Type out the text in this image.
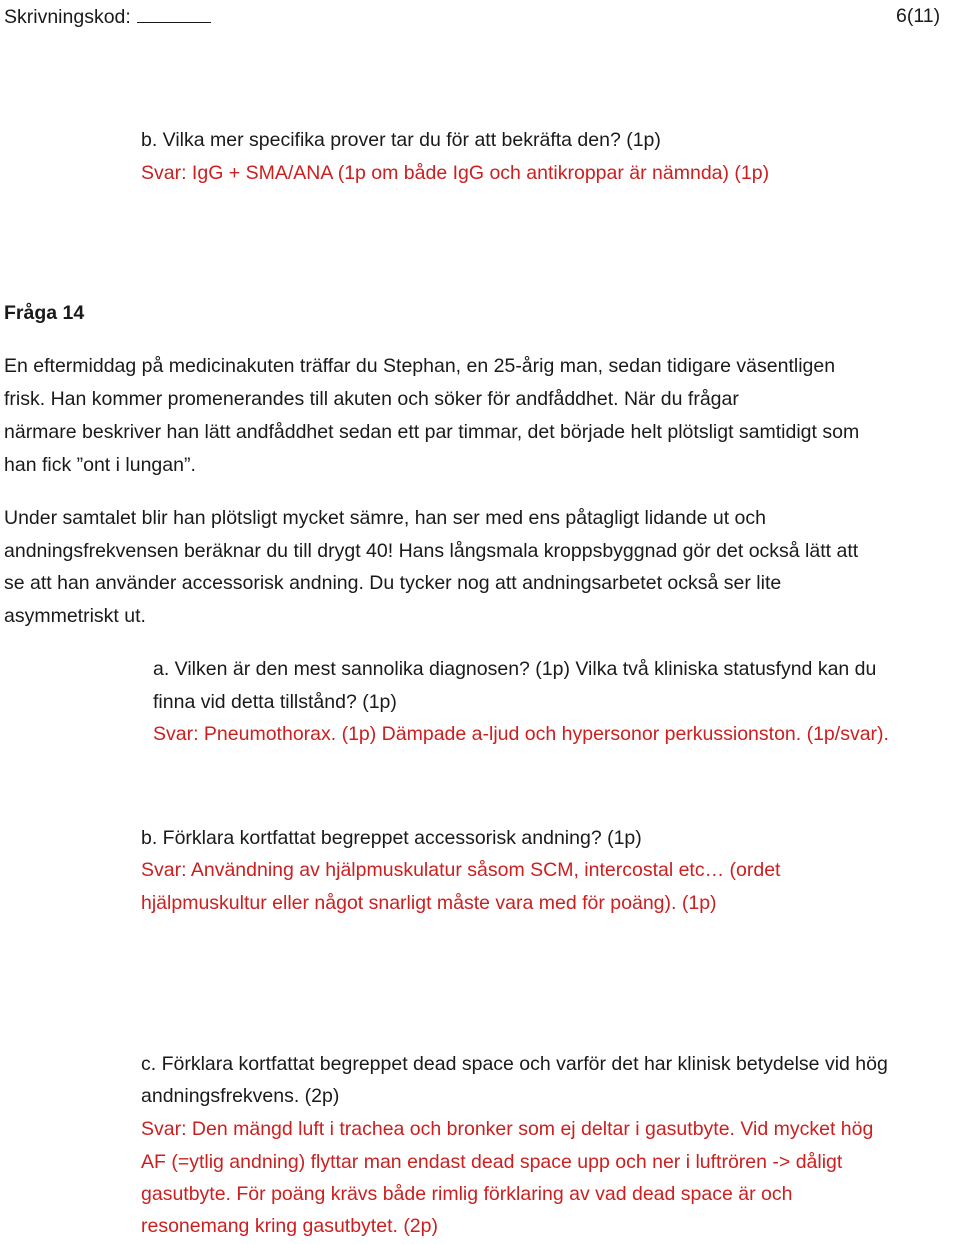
Skrivningskod:	6(11)
b. Vilka mer specifika prover tar du för att bekräfta den? (1p)
Svar: IgG + SMA/ANA (1p om både IgG och antikroppar är nämnda) (1p)
Fråga 14
En eftermiddag på medicinakuten träffar du Stephan, en 25-årig man, sedan tidigare väsentligen
frisk. Han kommer promenerandes till akuten och söker för andfåddhet. När du frågar
närmare beskriver han lätt andfåddhet sedan ett par timmar, det började helt plötsligt samtidigt som
han fick ”ont i lungan”.
Under samtalet blir han plötsligt mycket sämre, han ser med ens påtagligt lidande ut och
andningsfrekvensen beräknar du till drygt 40! Hans långsmala kroppsbyggnad gör det också lätt att
se att han använder accessorisk andning. Du tycker nog att andningsarbetet också ser lite
asymmetriskt ut.
a. Vilken är den mest sannolika diagnosen? (1p) Vilka två kliniska statusfynd kan du
finna vid detta tillstånd? (1p)
Svar: Pneumothorax. (1p) Dämpade a-ljud och hypersonor perkussionston. (1p/svar).
b. Förklara kortfattat begreppet accessorisk andning? (1p)
Svar: Användning av hjälpmuskulatur såsom SCM, intercostal etc… (ordet
hjälpmuskultur eller något snarligt måste vara med för poäng). (1p)
c. Förklara kortfattat begreppet dead space och varför det har klinisk betydelse vid hög
andningsfrekvens. (2p)
Svar: Den mängd luft i trachea och bronker som ej deltar i gasutbyte. Vid mycket hög
AF (=ytlig andning) flyttar man endast dead space upp och ner i luftrören -> dåligt
gasutbyte. För poäng krävs både rimlig förklaring av vad dead space är och
resonemang kring gasutbytet. (2p)
